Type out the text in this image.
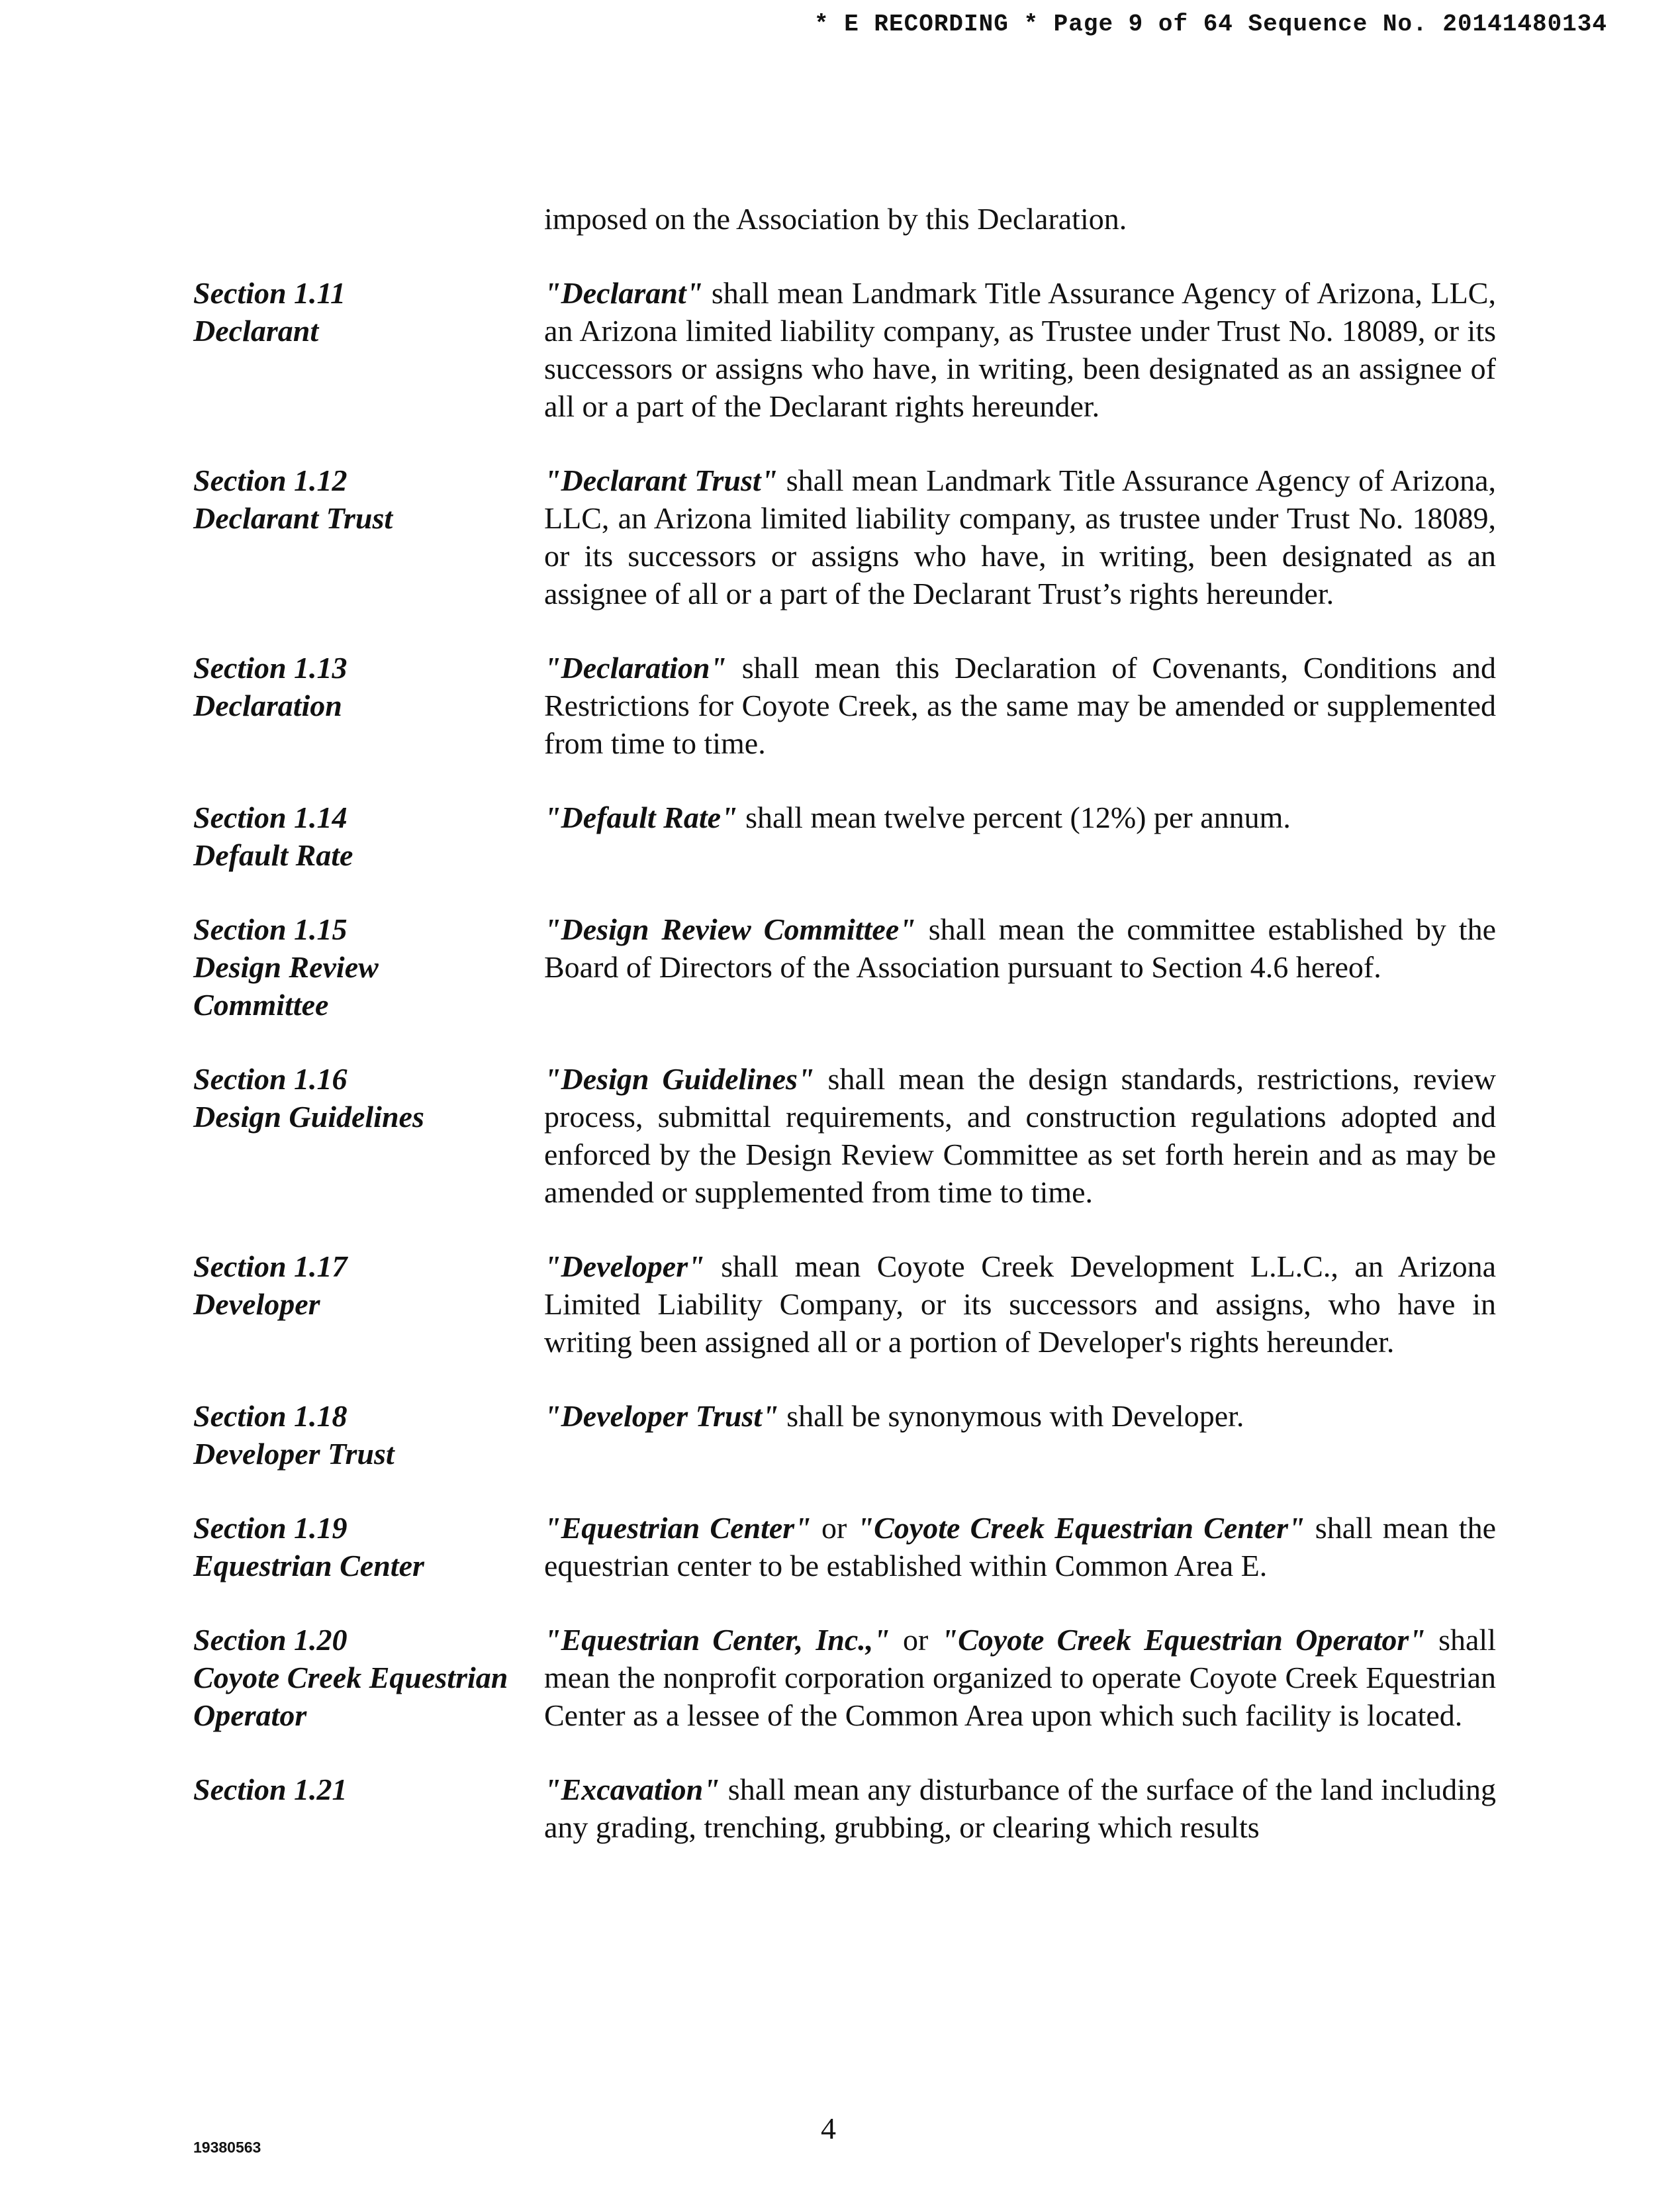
* E RECORDING * Page 9 of 64 Sequence No. 20141480134
imposed on the Association by this Declaration.
Section 1.11
Declarant
"Declarant" shall mean Landmark Title Assurance Agency of Arizona, LLC, an Arizona limited liability company, as Trustee under Trust No. 18089, or its successors or assigns who have, in writing, been designated as an assignee of all or a part of the Declarant rights hereunder.
Section 1.12
Declarant Trust
"Declarant Trust" shall mean Landmark Title Assurance Agency of Arizona, LLC, an Arizona limited liability company, as trustee under Trust No. 18089, or its successors or assigns who have, in writing, been designated as an assignee of all or a part of the Declarant Trust’s rights hereunder.
Section 1.13
Declaration
"Declaration" shall mean this Declaration of Covenants, Conditions and Restrictions for Coyote Creek, as the same may be amended or supplemented from time to time.
Section 1.14
Default Rate
"Default Rate" shall mean twelve percent (12%) per annum.
Section 1.15
Design Review
Committee
"Design Review Committee" shall mean the committee established by the Board of Directors of the Association pursuant to Section 4.6 hereof.
Section 1.16
Design Guidelines
"Design Guidelines" shall mean the design standards, restrictions, review process, submittal requirements, and construction regulations adopted and enforced by the Design Review Committee as set forth herein and as may be amended or supplemented from time to time.
Section 1.17
Developer
"Developer" shall mean Coyote Creek Development L.L.C., an Arizona Limited Liability Company, or its successors and assigns, who have in writing been assigned all or a portion of Developer's rights hereunder.
Section 1.18
Developer Trust
"Developer Trust" shall be synonymous with Developer.
Section 1.19
Equestrian Center
"Equestrian Center" or "Coyote Creek Equestrian Center" shall mean the equestrian center to be established within Common Area E.
Section 1.20
Coyote Creek Equestrian
Operator
"Equestrian Center, Inc.," or "Coyote Creek Equestrian Operator" shall mean the nonprofit corporation organized to operate Coyote Creek Equestrian Center as a lessee of the Common Area upon which such facility is located.
Section 1.21	"Excavation" shall mean any disturbance of the surface of the land including any grading, trenching, grubbing, or clearing which results
19380563
4
